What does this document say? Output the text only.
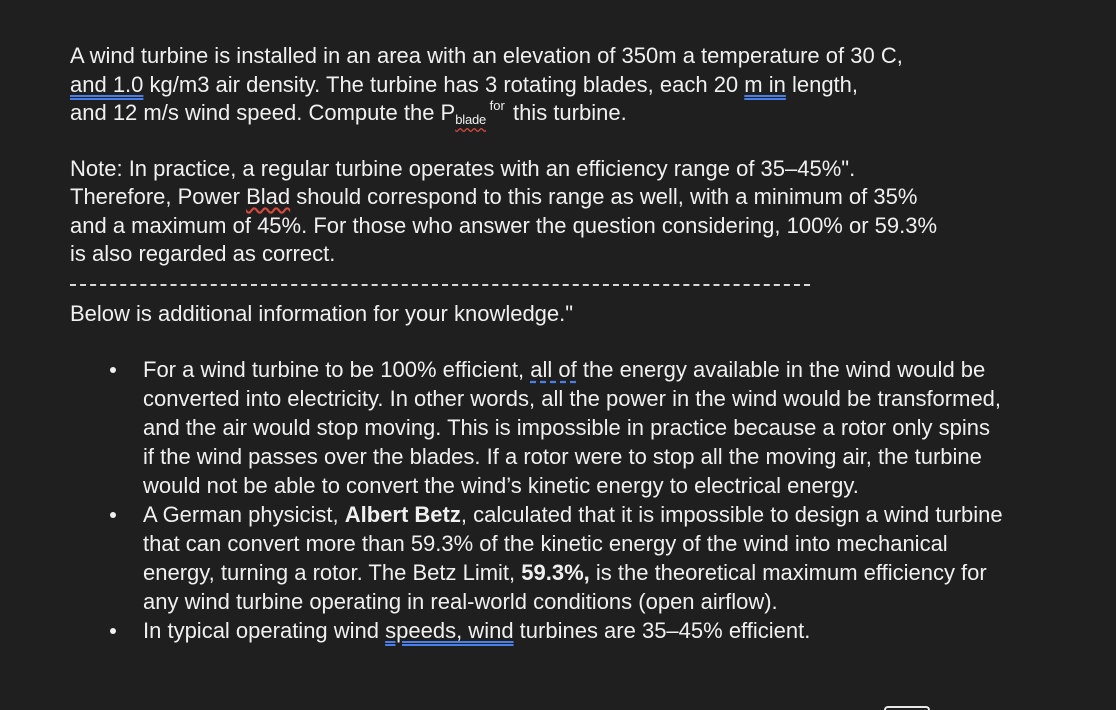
A wind turbine is installed in an area with an elevation of 350m a temperature of 30 C,
and 1.0 kg/m3 air density. The turbine has 3 rotating blades, each 20 m in length,
and 12 m/s wind speed. Compute the Pblade $^{for}$ this turbine.
Note: In practice, a regular turbine operates with an efficiency range of 35–45%".
Therefore, Power Blad should correspond to this range as well, with a minimum of 35%
and a maximum of 45%. For those who answer the question considering, 100% or 59.3%
is also regarded as correct.
Below is additional information for your knowledge."
For a wind turbine to be 100% efficient, all of the energy available in the wind would be converted into electricity. In other words, all the power in the wind would be transformed, and the air would stop moving. This is impossible in practice because a rotor only spins if the wind passes over the blades. If a rotor were to stop all the moving air, the turbine would not be able to convert the wind’s kinetic energy to electrical energy.
A German physicist, Albert Betz, calculated that it is impossible to design a wind turbine that can convert more than 59.3% of the kinetic energy of the wind into mechanical energy, turning a rotor. The Betz Limit, 59.3%, is the theoretical maximum efficiency for any wind turbine operating in real-world conditions (open airflow).
In typical operating wind speeds, wind turbines are 35–45% efficient.
